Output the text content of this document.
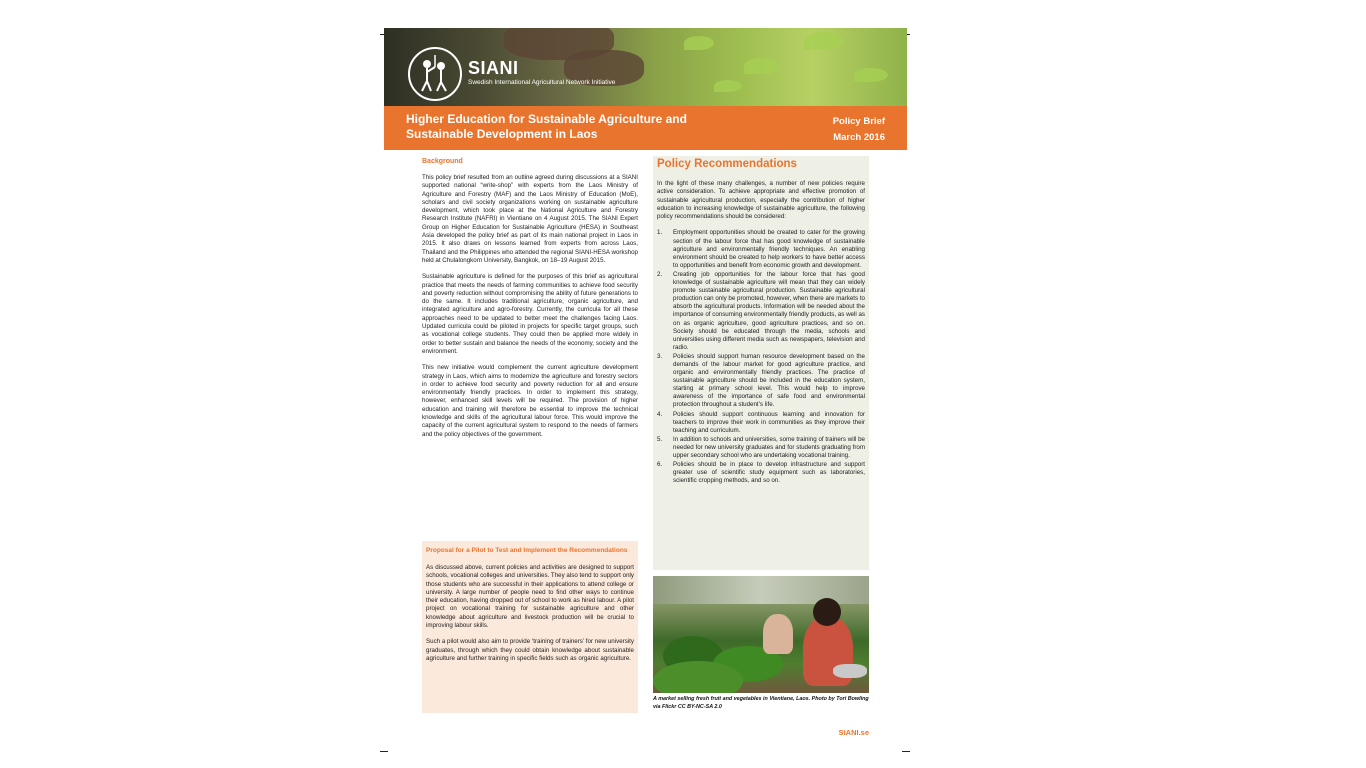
SIANI
Swedish International Agricultural Network Initiative
Higher Education for Sustainable Agriculture and Sustainable Development in Laos
Policy Brief
March 2016
Background

This policy brief resulted from an outline agreed during discussions at a SIANI supported national “write-shop” with experts from the Laos Ministry of Agriculture and Forestry (MAF) and the Laos Ministry of Education (MoE), scholars and civil society organizations working on sustainable agriculture development, which took place at the National Agriculture and Forestry Research Institute (NAFRI) in Vientiane on 4 August 2015. The SIANI Expert Group on Higher Education for Sustainable Agriculture (HESA) in Southeast Asia developed the policy brief as part of its main national project in Laos in 2015. It also draws on lessons learned from experts from across Laos, Thailand and the Philippines who attended the regional SIANI-HESA workshop held at Chulalongkorn University, Bangkok, on 18–19 August 2015.

Sustainable agriculture is defined for the purposes of this brief as agricultural practice that meets the needs of farming communities to achieve food security and poverty reduction without compromising the ability of future generations to do the same. It includes traditional agriculture, organic agriculture, and integrated agriculture and agro-forestry. Currently, the curricula for all these approaches need to be updated to better meet the challenges facing Laos. Updated curricula could be piloted in projects for specific target groups, such as vocational college students. They could then be applied more widely in order to better sustain and balance the needs of the economy, society and the environment.

This new initiative would complement the current agriculture development strategy in Laos, which aims to modernize the agriculture and forestry sectors in order to achieve food security and poverty reduction for all and ensure environmentally friendly practices. In order to implement this strategy, however, enhanced skill levels will be required. The provision of higher education and training will therefore be essential to improve the technical knowledge and skills of the agricultural labour force. This would improve the capacity of the current agricultural system to respond to the needs of farmers and the policy objectives of the government.

Proposal for a Pilot to Test and Implement the Recommendations

As discussed above, current policies and activities are designed to support schools, vocational colleges and universities. They also tend to support only those students who are successful in their applications to attend college or university. A large number of people need to find other ways to continue their education, having dropped out of school to work as hired labour. A pilot project on vocational training for sustainable agriculture and other knowledge about agriculture and livestock production will be crucial to improving labour skills.

Such a pilot would also aim to provide ‘training of trainers’ for new university graduates, through which they could obtain knowledge about sustainable agriculture and further training in specific fields such as organic agriculture.

Policy Recommendations

In the light of these many challenges, a number of new policies require active consideration. To achieve appropriate and effective promotion of sustainable agricultural production, especially the contribution of higher education to increasing knowledge of sustainable agriculture, the following policy recommendations should be considered:

1. Employment opportunities should be created to cater for the growing section of the labour force that has good knowledge of sustainable agriculture and environmentally friendly techniques. An enabling environment should be created to help workers to have better access to opportunities and benefit from economic growth and development.
2. Creating job opportunities for the labour force that has good knowledge of sustainable agriculture will mean that they can widely promote sustainable agricultural production. Sustainable agricultural production can only be promoted, however, when there are markets to absorb the agricultural products. Information will be needed about the importance of consuming environmentally friendly products, as well as on as organic agriculture, good agriculture practices, and so on. Society should be educated through the media, schools and universities using different media such as newspapers, television and radio.
3. Policies should support human resource development based on the demands of the labour market for good agriculture practice, and organic and environmentally friendly practices. The practice of sustainable agriculture should be included in the education system, starting at primary school level. This would help to improve awareness of the importance of safe food and environmental protection throughout a student’s life.
4. Policies should support continuous learning and innovation for teachers to improve their work in communities as they improve their teaching and curriculum.
5. In addition to schools and universities, some training of trainers will be needed for new university graduates and for students graduating from upper secondary school who are undertaking vocational training.
6. Policies should be in place to develop infrastructure and support greater use of scientific study equipment such as laboratories, scientific cropping methods, and so on.
A market selling fresh fruit and vegetables in Vientiane, Laos. Photo by Tori Bowling via Flickr CC BY-NC-SA 2.0
SIANI.se
